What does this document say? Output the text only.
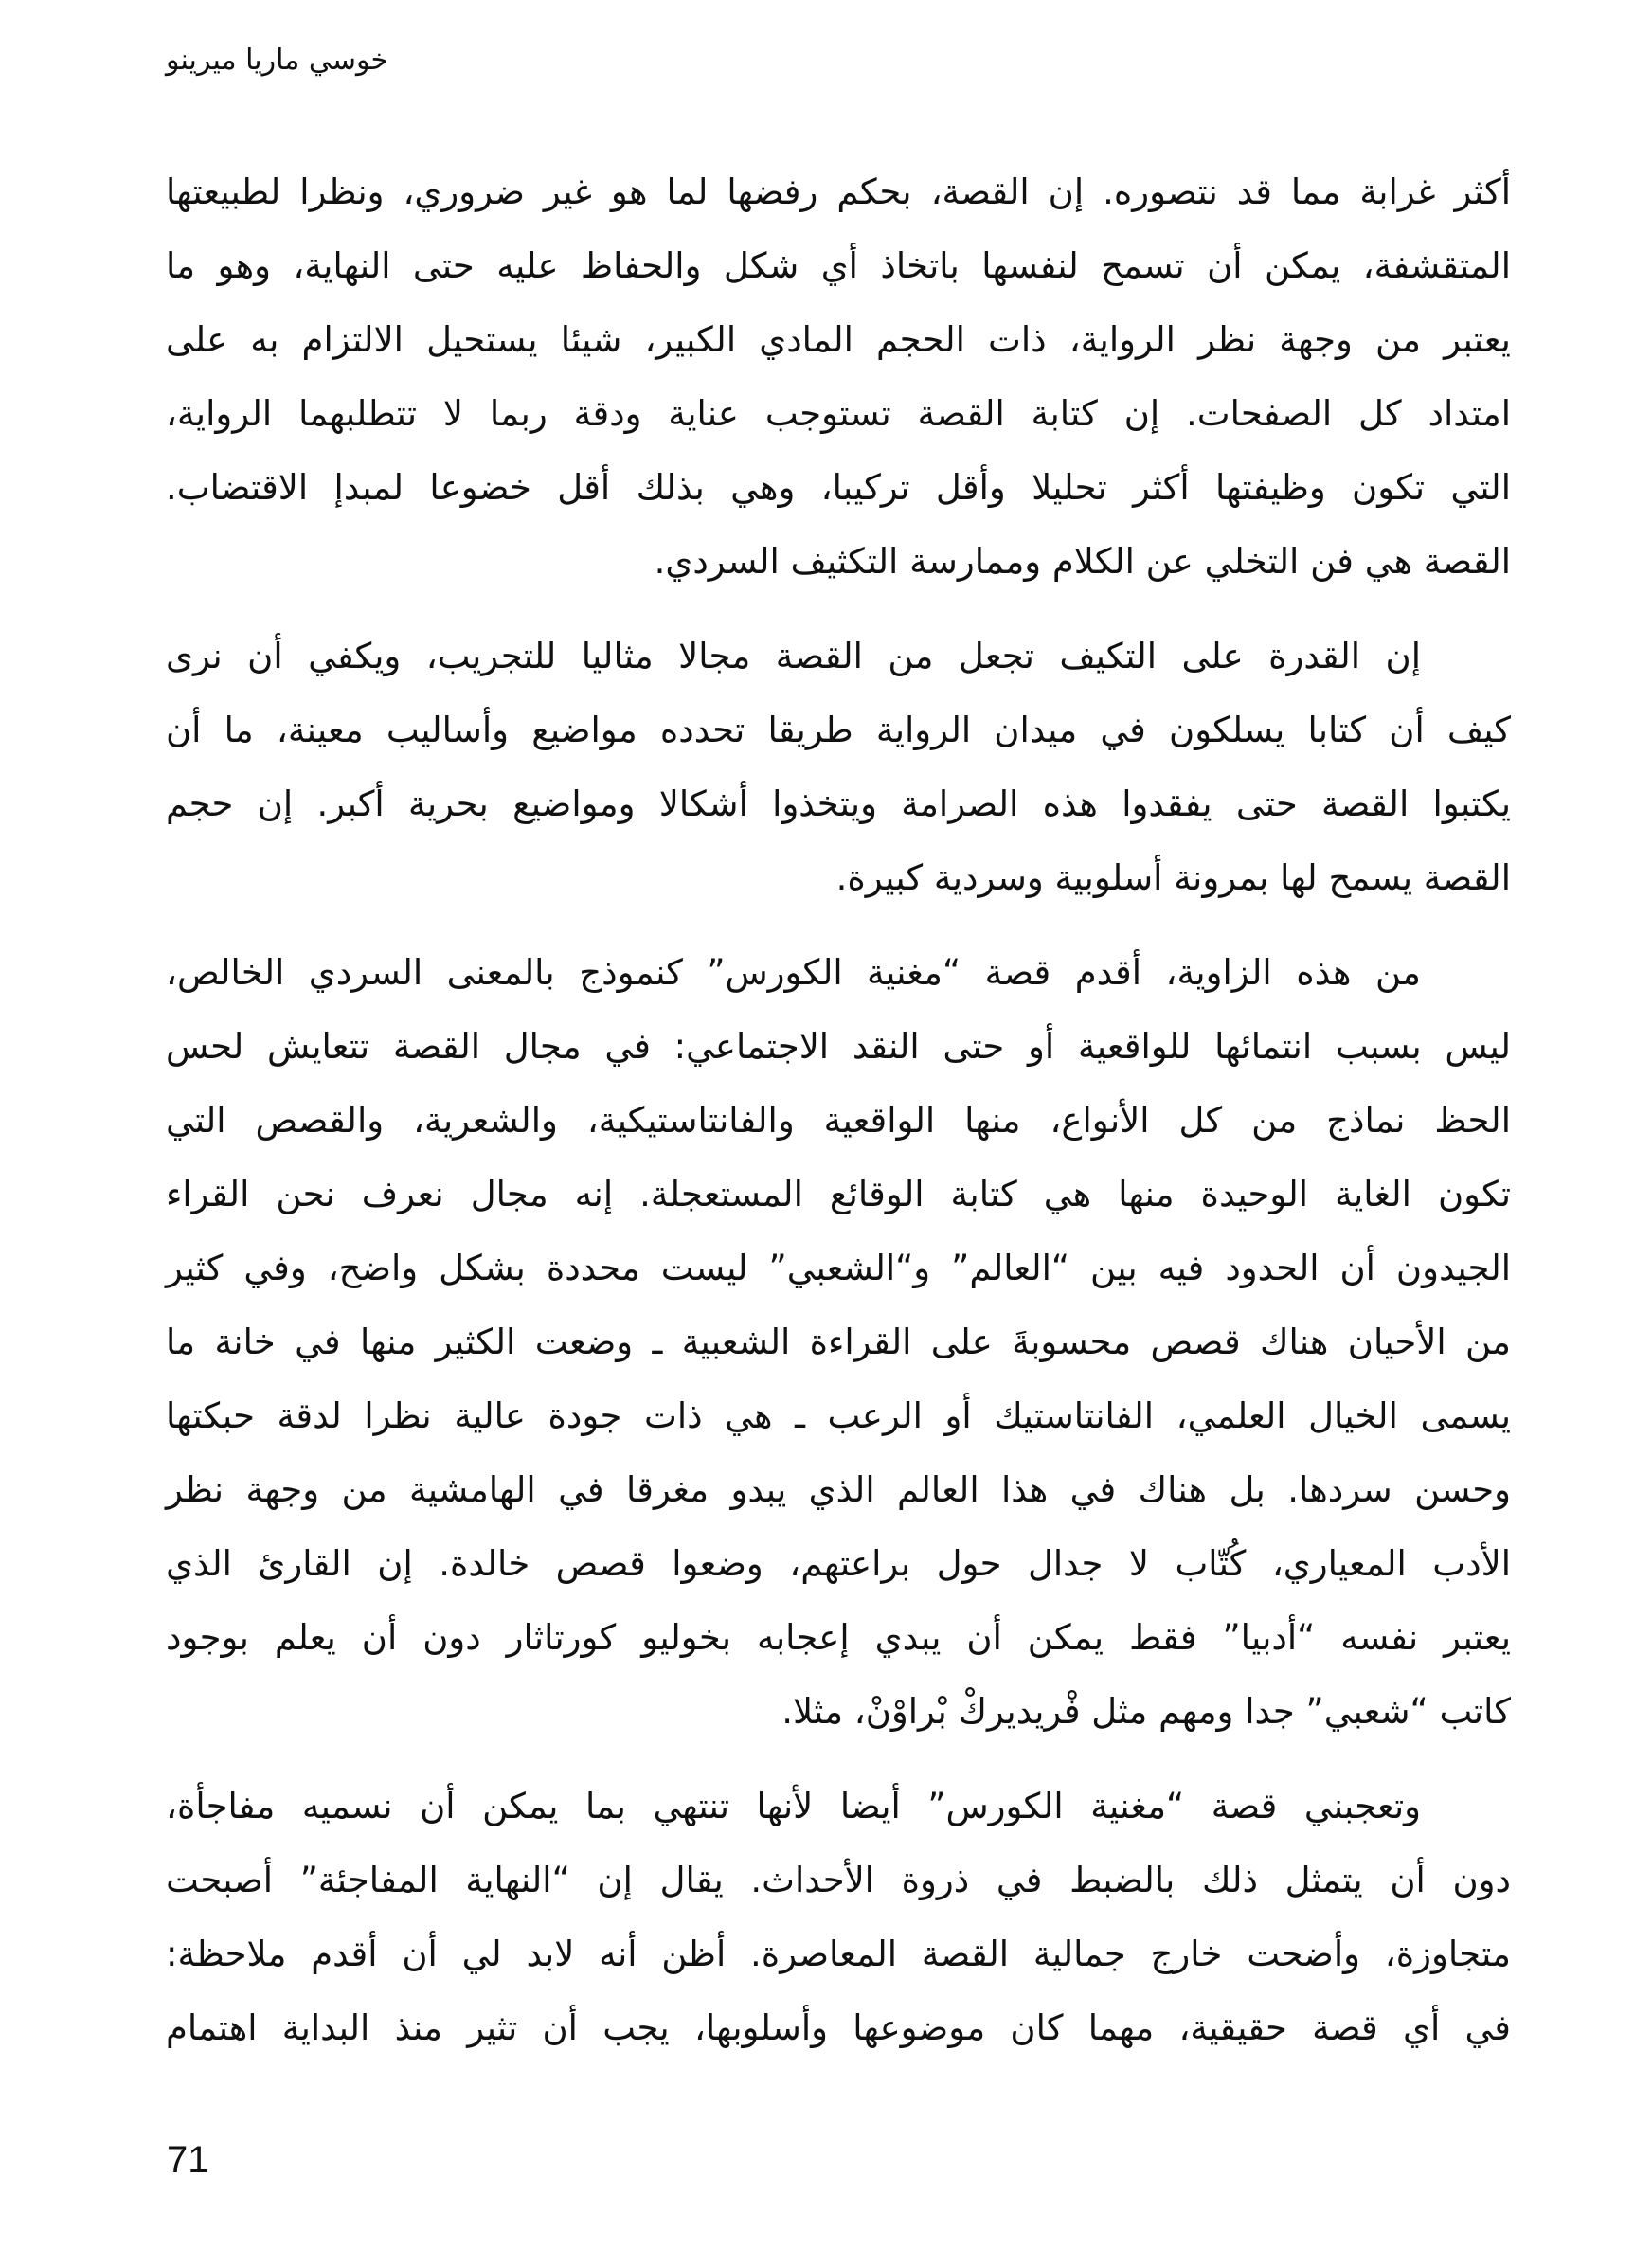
خوسي ماريا ميرينو
أكثر غرابة مما قد نتصوره. إن القصة، بحكم رفضها لما هو غير ضروري، ونظرا لطبيعتها
المتقشفة، يمكن أن تسمح لنفسها باتخاذ أي شكل والحفاظ عليه حتى النهاية، وهو ما
يعتبر من وجهة نظر الرواية، ذات الحجم المادي الكبير، شيئا يستحيل الالتزام به على
امتداد كل الصفحات. إن كتابة القصة تستوجب عناية ودقة ربما لا تتطلبهما الرواية،
التي تكون وظيفتها أكثر تحليلا وأقل تركيبا، وهي بذلك أقل خضوعا لمبدإ الاقتضاب.
القصة هي فن التخلي عن الكلام وممارسة التكثيف السردي.
إن القدرة على التكيف تجعل من القصة مجالا مثاليا للتجريب، ويكفي أن نرى
كيف أن كتابا يسلكون في ميدان الرواية طريقا تحدده مواضيع وأساليب معينة، ما أن
يكتبوا القصة حتى يفقدوا هذه الصرامة ويتخذوا أشكالا ومواضيع بحرية أكبر. إن حجم
القصة يسمح لها بمرونة أسلوبية وسردية كبيرة.
من هذه الزاوية، أقدم قصة “مغنية الكورس” كنموذج بالمعنى السردي الخالص،
ليس بسبب انتمائها للواقعية أو حتى النقد الاجتماعي: في مجال القصة تتعايش لحس
الحظ نماذج من كل الأنواع، منها الواقعية والفانتاستيكية، والشعرية، والقصص التي
تكون الغاية الوحيدة منها هي كتابة الوقائع المستعجلة. إنه مجال نعرف نحن القراء
الجيدون أن الحدود فيه بين “العالم” و“الشعبي” ليست محددة بشكل واضح، وفي كثير
من الأحيان هناك قصص محسوبةَ على القراءة الشعبية ـ وضعت الكثير منها في خانة ما
يسمى الخيال العلمي، الفانتاستيك أو الرعب ـ هي ذات جودة عالية نظرا لدقة حبكتها
وحسن سردها. بل هناك في هذا العالم الذي يبدو مغرقا في الهامشية من وجهة نظر
الأدب المعياري، كُتّاب لا جدال حول براعتهم، وضعوا قصص خالدة. إن القارئ الذي
يعتبر نفسه “أدبيا” فقط يمكن أن يبدي إعجابه بخوليو كورتاثار دون أن يعلم بوجود
كاتب “شعبي” جدا ومهم مثل فْريديركْ بْراوْنْ، مثلا.
وتعجبني قصة “مغنية الكورس” أيضا لأنها تنتهي بما يمكن أن نسميه مفاجأة،
دون أن يتمثل ذلك بالضبط في ذروة الأحداث. يقال إن “النهاية المفاجئة” أصبحت
متجاوزة، وأضحت خارج جمالية القصة المعاصرة. أظن أنه لابد لي أن أقدم ملاحظة:
في أي قصة حقيقية، مهما كان موضوعها وأسلوبها، يجب أن تثير منذ البداية اهتمام
71
